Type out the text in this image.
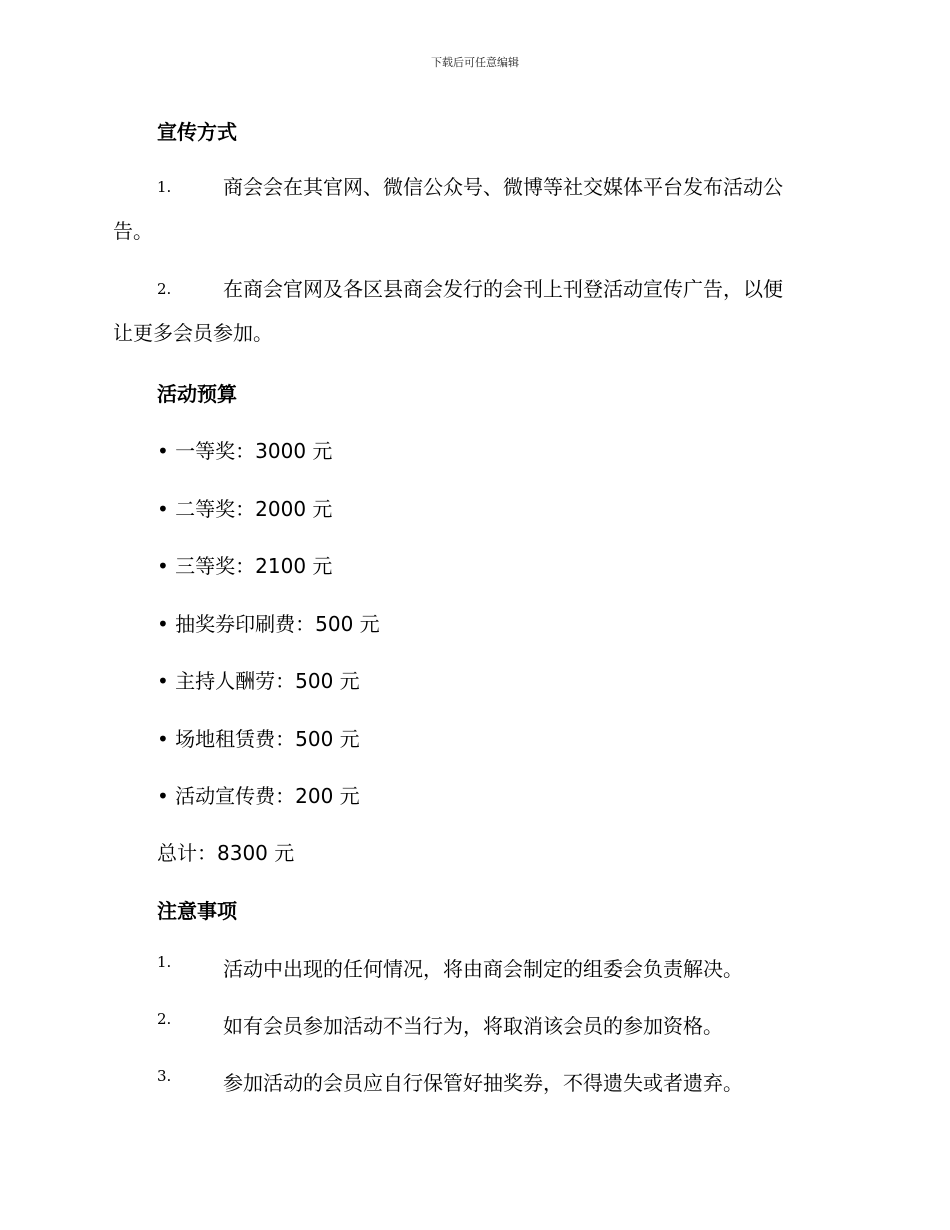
下载后可任意编辑
宣传方式
1.	商会会在其官网、微信公众号、微博等社交媒体平台发布活动公
告。
2.	在商会官网及各区县商会发行的会刊上刊登活动宣传广告，以便
让更多会员参加。
活动预算
• 一等奖：3000 元
• 二等奖：2000 元
• 三等奖：2100 元
• 抽奖券印刷费：500 元
• 主持人酬劳：500 元
• 场地租赁费：500 元
• 活动宣传费：200 元
总计：8300 元
注意事项
1.	活动中出现的任何情况，将由商会制定的组委会负责解决。
2.	如有会员参加活动不当行为，将取消该会员的参加资格。
3.	参加活动的会员应自行保管好抽奖券，不得遗失或者遗弃。
